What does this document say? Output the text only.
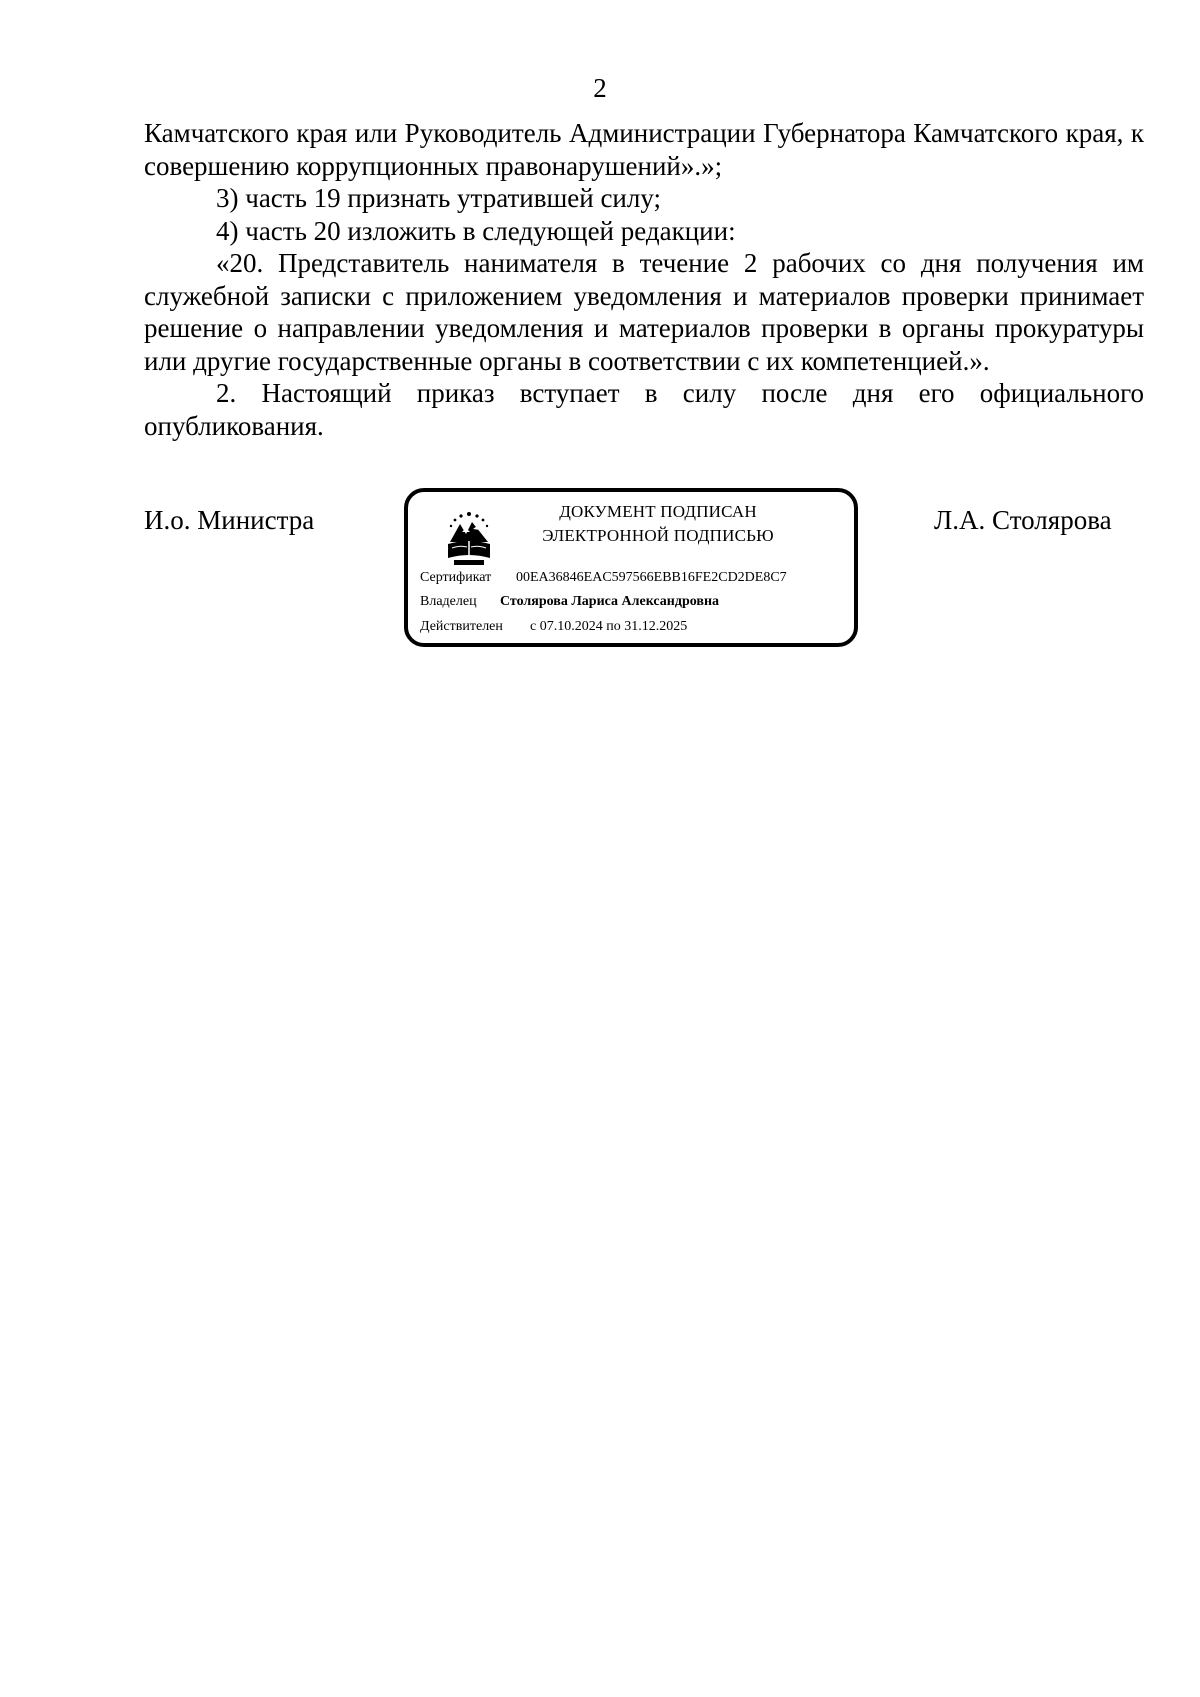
2

Камчатского края или Руководитель Администрации Губернатора Камчатского края, к совершению коррупционных правонарушений».»;

3) часть 19 признать утратившей силу;

4) часть 20 изложить в следующей редакции:

«20. Представитель нанимателя в течение 2 рабочих со дня получения им служебной записки с приложением уведомления и материалов проверки принимает решение о направлении уведомления и материалов проверки в органы прокуратуры или другие государственные органы в соответствии с их компетенцией.».

2. Настоящий приказ вступает в силу после дня его официального опубликования.

И.о. Министра	ДОКУМЕНТ ПОДПИСАН
ЭЛЕКТРОННОЙ ПОДПИСЬЮ
Сертификат 00EA36846EAC597566EBB16FE2CD2DE8C7
Владелец Столярова Лариса Александровна
Действителен с 07.10.2024 по 31.12.2025
Л.А. Столярова
